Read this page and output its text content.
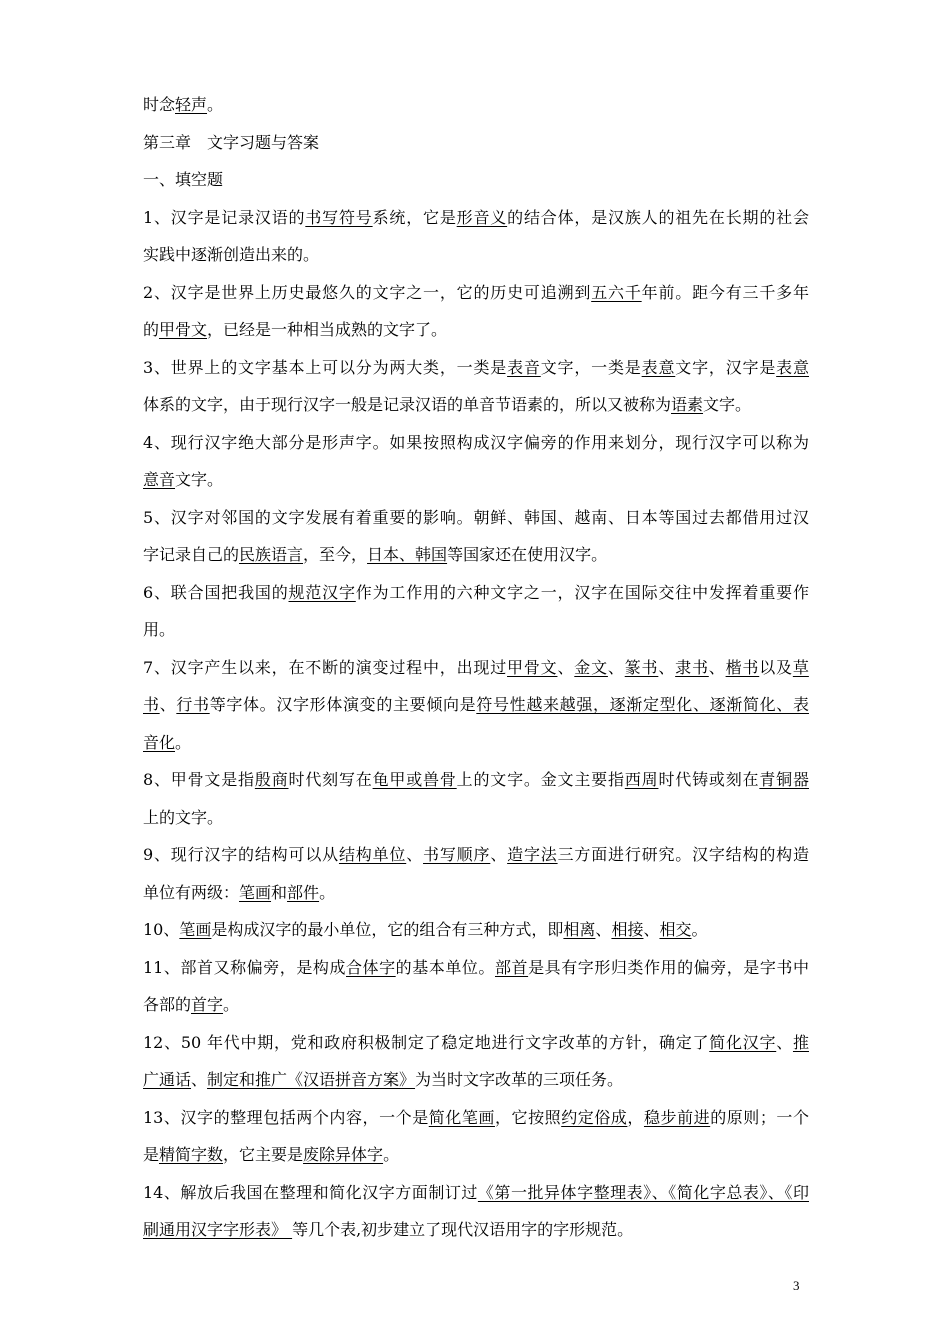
时念轻声。
第三章　文字习题与答案
一、填空题
1、汉字是记录汉语的书写符号系统，它是形音义的结合体，是汉族人的祖先在长期的社会
实践中逐渐创造出来的。
2、汉字是世界上历史最悠久的文字之一，它的历史可追溯到五六千年前。距今有三千多年
的甲骨文，已经是一种相当成熟的文字了。
3、世界上的文字基本上可以分为两大类，一类是表音文字，一类是表意文字，汉字是表意
体系的文字，由于现行汉字一般是记录汉语的单音节语素的，所以又被称为语素文字。
4、现行汉字绝大部分是形声字。如果按照构成汉字偏旁的作用来划分，现行汉字可以称为
意音文字。
5、汉字对邻国的文字发展有着重要的影响。朝鲜、韩国、越南、日本等国过去都借用过汉
字记录自己的民族语言，至今，日本、韩国等国家还在使用汉字。
6、联合国把我国的规范汉字作为工作用的六种文字之一，汉字在国际交往中发挥着重要作
用。
7、汉字产生以来，在不断的演变过程中，出现过甲骨文、金文、篆书、隶书、楷书以及草
书、行书等字体。汉字形体演变的主要倾向是符号性越来越强，逐渐定型化、逐渐简化、表
音化。
8、甲骨文是指殷商时代刻写在龟甲或兽骨上的文字。金文主要指西周时代铸或刻在青铜器
上的文字。
9、现行汉字的结构可以从结构单位、书写顺序、造字法三方面进行研究。汉字结构的构造
单位有两级：笔画和部件。
10、笔画是构成汉字的最小单位，它的组合有三种方式，即相离、相接、相交。
11、部首又称偏旁，是构成合体字的基本单位。部首是具有字形归类作用的偏旁，是字书中
各部的首字。
12、50 年代中期，党和政府积极制定了稳定地进行文字改革的方针，确定了简化汉字、推
广通话、制定和推广《汉语拼音方案》为当时文字改革的三项任务。
13、汉字的整理包括两个内容，一个是简化笔画，它按照约定俗成，稳步前进的原则；一个
是精简字数，它主要是废除异体字。
14、解放后我国在整理和简化汉字方面制订过《第一批异体字整理表》、《简化字总表》、《印
刷通用汉字字形表》 等几个表,初步建立了现代汉语用字的字形规范。
3
